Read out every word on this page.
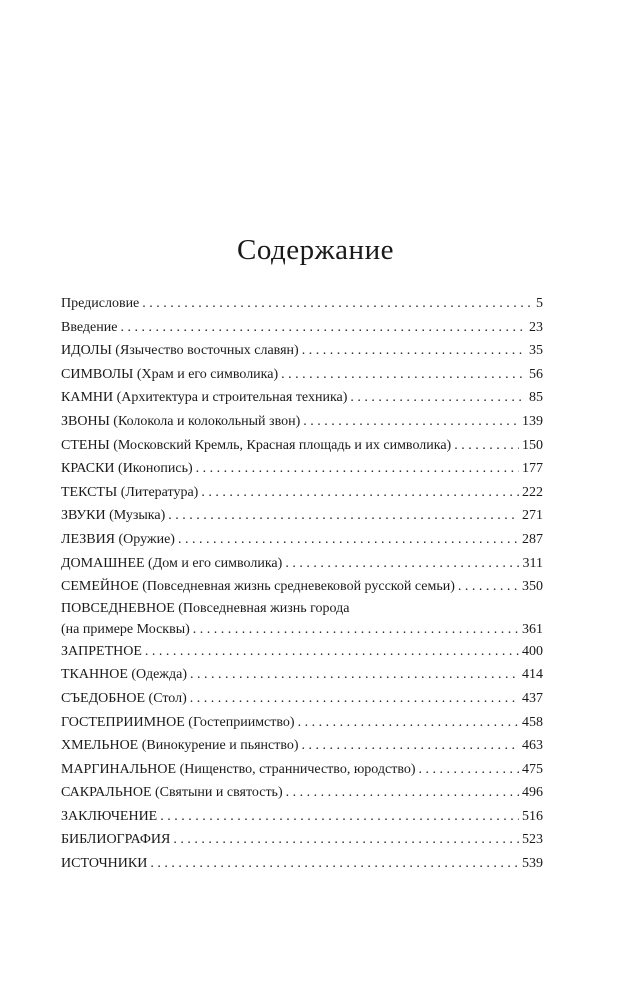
Содержание
Предисловие . . .	5
Введение . . .	23
ИДОЛЫ (Язычество восточных славян) . . .	35
СИМВОЛЫ (Храм и его символика) . . .	56
КАМНИ (Архитектура и строительная техника) . . .	85
ЗВОНЫ (Колокола и колокольный звон) . . .	139
СТЕНЫ (Московский Кремль, Красная площадь и их символика) . . .	150
КРАСКИ (Иконопись) . . .	177
ТЕКСТЫ (Литература) . . .	222
ЗВУКИ (Музыка) . . .	271
ЛЕЗВИЯ (Оружие) . . .	287
ДОМАШНЕЕ (Дом и его символика) . . .	311
СЕМЕЙНОЕ (Повседневная жизнь средневековой русской семьи) . . .	350
ПОВСЕДНЕВНОЕ (Повседневная жизнь города
(на примере Москвы) . . .	361
ЗАПРЕТНОЕ . . .	400
ТКАННОЕ (Одежда) . . .	414
СЪЕДОБНОЕ (Стол) . . .	437
ГОСТЕПРИИМНОЕ (Гостеприимство) . . .	458
ХМЕЛЬНОЕ (Винокурение и пьянство) . . .	463
МАРГИНАЛЬНОЕ (Нищенство, странничество, юродство) . . .	475
САКРАЛЬНОЕ (Святыни и святость) . . .	496
ЗАКЛЮЧЕНИЕ . . .	516
БИБЛИОГРАФИЯ . . .	523
ИСТОЧНИКИ . . .	539
